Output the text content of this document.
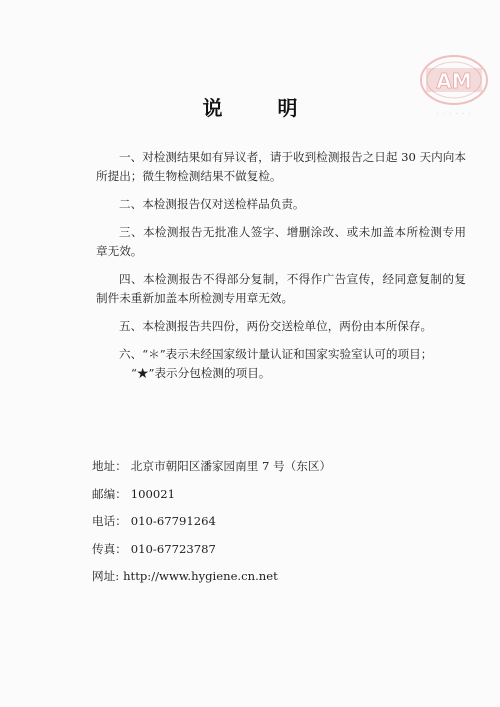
AM
· · · · · ·
说 明

一、对检测结果如有异议者，请于收到检测报告之日起 30 天内向本所提出；微生物检测结果不做复检。

二、本检测报告仅对送检样品负责。

三、本检测报告无批准人签字、增删涂改、或未加盖本所检测专用章无效。

四、本检测报告不得部分复制，不得作广告宣传，经同意复制的复制件未重新加盖本所检测专用章无效。

五、本检测报告共四份，两份交送检单位，两份由本所保存。

六、“＊”表示未经国家级计量认证和国家实验室认可的项目；

“★”表示分包检测的项目。

地址： 北京市朝阳区潘家园南里 7 号（东区）
邮编： 100021
电话： 010-67791264
传真： 010-67723787
网址: http://www.hygiene.cn.net
